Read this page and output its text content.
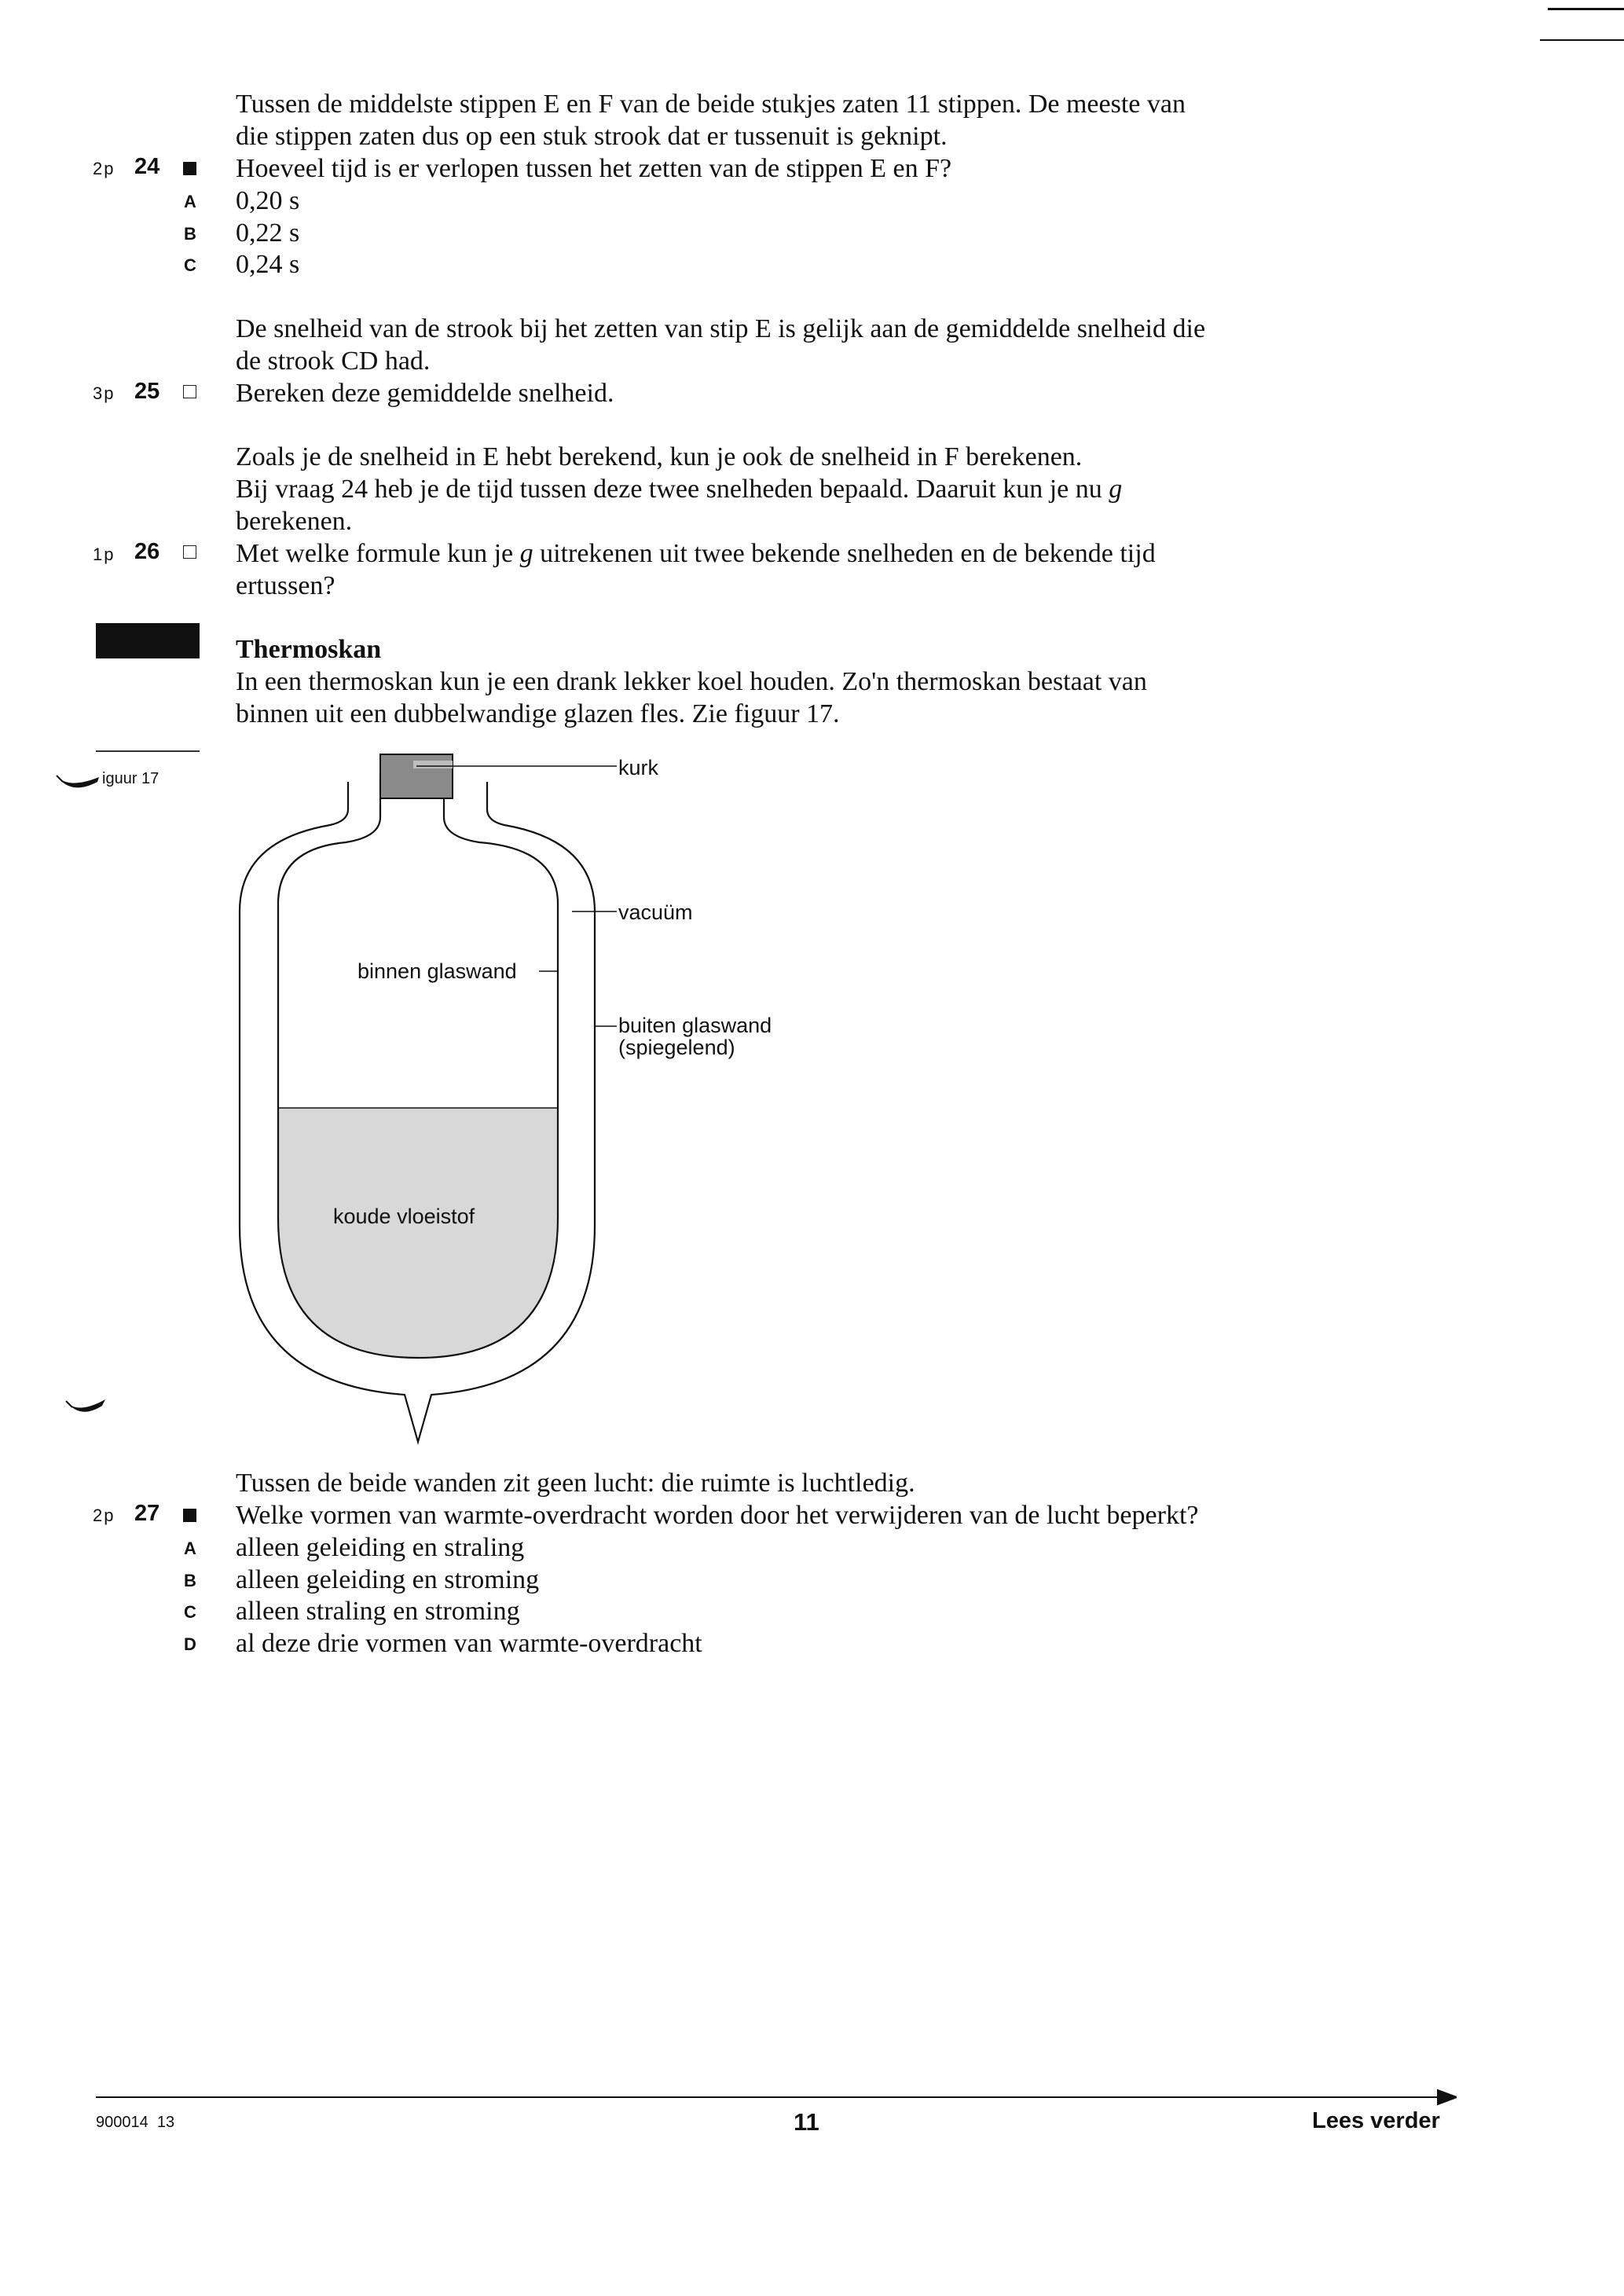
Tussen de middelste stippen E en F van de beide stukjes zaten 11 stippen. De meeste van
die stippen zaten dus op een stuk strook dat er tussenuit is geknipt.
2p 24	Hoeveel tijd is er verlopen tussen het zetten van de stippen E en F?
A 0,20 s
B 0,22 s
C 0,24 s
De snelheid van de strook bij het zetten van stip E is gelijk aan de gemiddelde snelheid die
de strook CD had.
3p 25	Bereken deze gemiddelde snelheid.
Zoals je de snelheid in E hebt berekend, kun je ook de snelheid in F berekenen.
Bij vraag 24 heb je de tijd tussen deze twee snelheden bepaald. Daaruit kun je nu g
berekenen.
1p 26	Met welke formule kun je g uitrekenen uit twee bekende snelheden en de bekende tijd
ertussen?
Thermoskan
In een thermoskan kun je een drank lekker koel houden. Zo'n thermoskan bestaat van
binnen uit een dubbelwandige glazen fles. Zie figuur 17.
iguur 17	kurk
vacuüm
binnen glaswand
buiten glaswand
(spiegelend)
koude vloeistof
Tussen de beide wanden zit geen lucht: die ruimte is luchtledig.
2p 27	Welke vormen van warmte-overdracht worden door het verwijderen van de lucht beperkt?
A alleen geleiding en straling
B alleen geleiding en stroming
C alleen straling en stroming
D al deze drie vormen van warmte-overdracht
900014  13	11	Lees verder
